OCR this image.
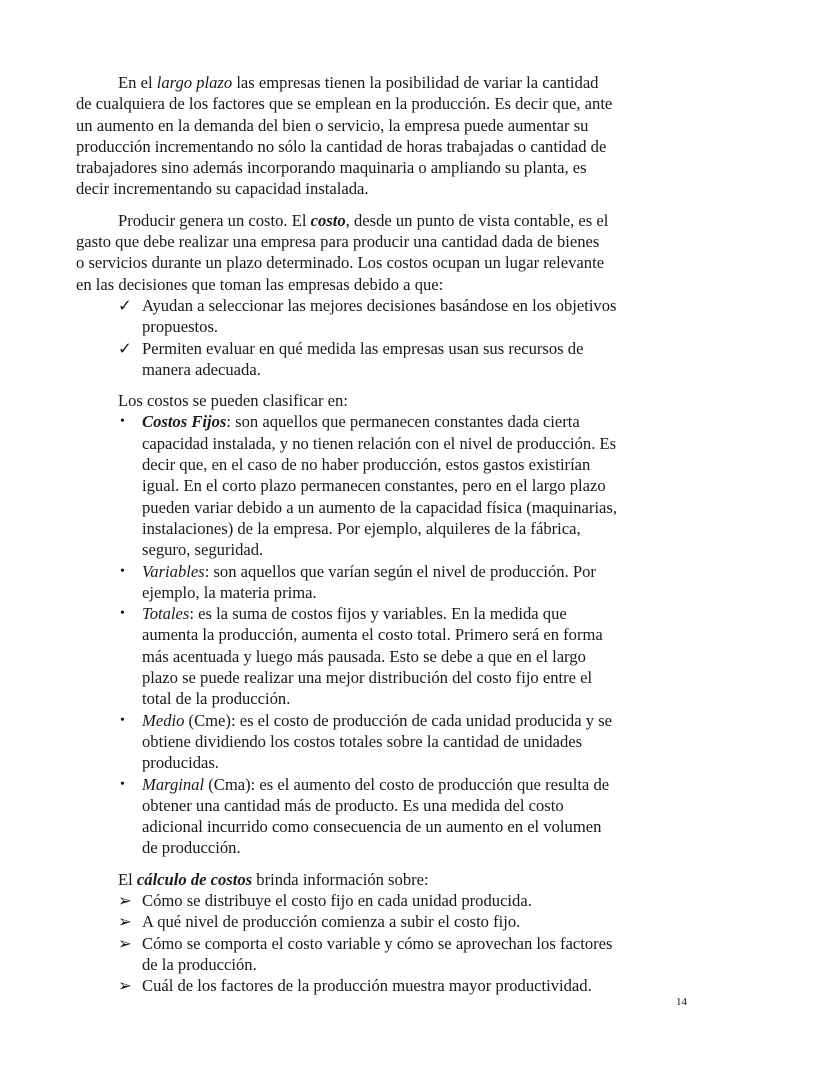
En el largo plazo las empresas tienen la posibilidad de variar la cantidad
de cualquiera de los factores que se emplean en la producción. Es decir que, ante
un aumento en la demanda del bien o servicio, la empresa puede aumentar su
producción incrementando no sólo la cantidad de horas trabajadas o cantidad de
trabajadores sino además incorporando maquinaria o ampliando su planta, es
decir incrementando su capacidad instalada.
Producir genera un costo. El costo, desde un punto de vista contable, es el
gasto que debe realizar una empresa para producir una cantidad dada de bienes
o servicios durante un plazo determinado. Los costos ocupan un lugar relevante
en las decisiones que toman las empresas debido a que:
✓ Ayudan a seleccionar las mejores decisiones basándose en los objetivos
propuestos.
✓ Permiten evaluar en qué medida las empresas usan sus recursos de
manera adecuada.
Los costos se pueden clasificar en:
•	Costos Fijos: son aquellos que permanecen constantes dada cierta
capacidad instalada, y no tienen relación con el nivel de producción. Es
decir que, en el caso de no haber producción, estos gastos existirían
igual. En el corto plazo permanecen constantes, pero en el largo plazo
pueden variar debido a un aumento de la capacidad física (maquinarias,
instalaciones) de la empresa. Por ejemplo, alquileres de la fábrica,
seguro, seguridad.
•	Variables: son aquellos que varían según el nivel de producción. Por
ejemplo, la materia prima.
•	Totales: es la suma de costos fijos y variables. En la medida que
aumenta la producción, aumenta el costo total. Primero será en forma
más acentuada y luego más pausada. Esto se debe a que en el largo
plazo se puede realizar una mejor distribución del costo fijo entre el
total de la producción.
•	Medio (Cme): es el costo de producción de cada unidad producida y se
obtiene dividiendo los costos totales sobre la cantidad de unidades
producidas.
•	Marginal (Cma): es el aumento del costo de producción que resulta de
obtener una cantidad más de producto. Es una medida del costo
adicional incurrido como consecuencia de un aumento en el volumen
de producción.
El cálculo de costos brinda información sobre:
➢ Cómo se distribuye el costo fijo en cada unidad producida.
➢ A qué nivel de producción comienza a subir el costo fijo.
➢ Cómo se comporta el costo variable y cómo se aprovechan los factores
de la producción.
➢ Cuál de los factores de la producción muestra mayor productividad.
14
